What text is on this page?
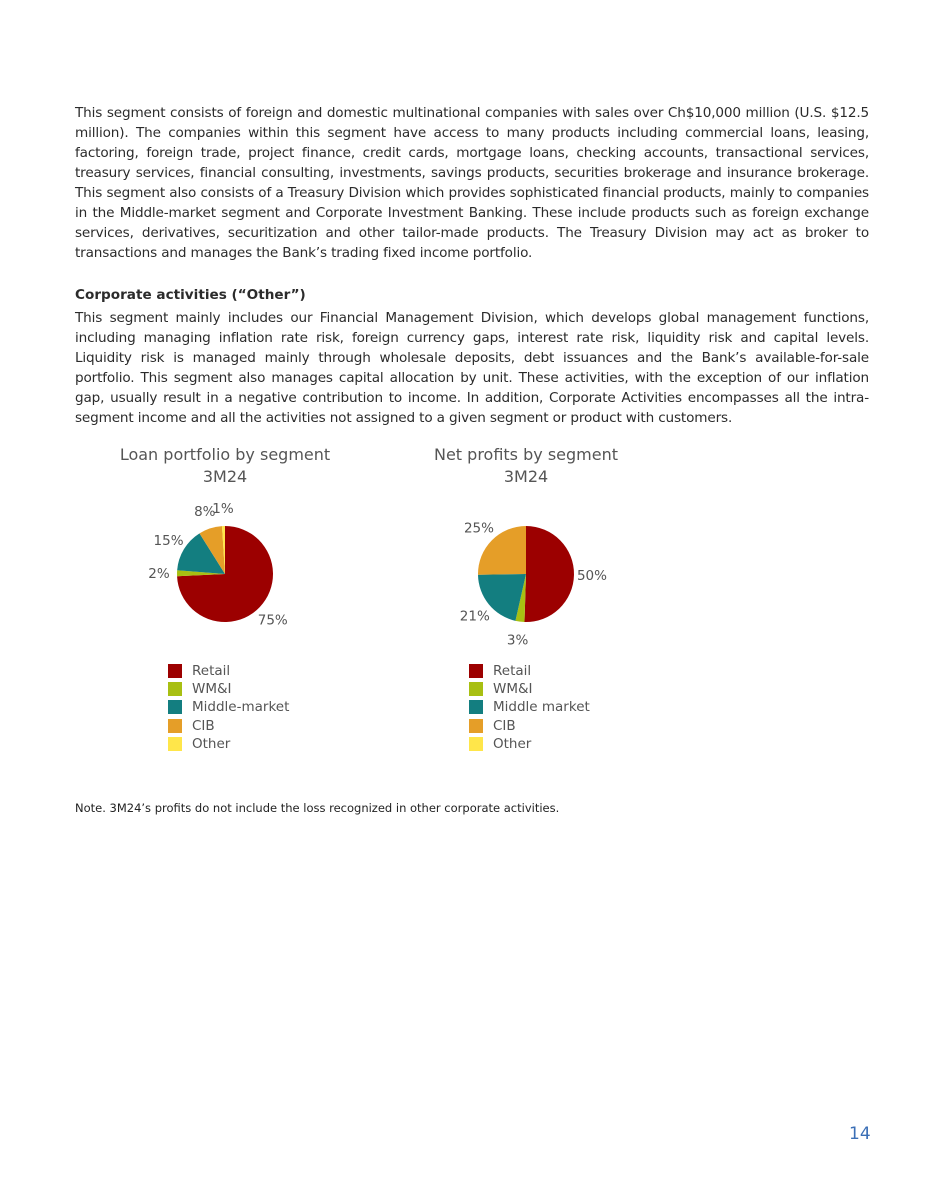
This segment consists of foreign and domestic multinational companies with sales over Ch$10,000 million (U.S. $12.5 million). The companies within this segment have access to many products including commercial loans, leasing, factoring, foreign trade, project finance, credit cards, mortgage loans, checking accounts, transactional services, treasury services, financial consulting, investments, savings products, securities brokerage and insurance brokerage. This segment also consists of a Treasury Division which provides sophisticated financial products, mainly to companies in the Middle-market segment and Corporate Investment Banking. These include products such as foreign exchange services, derivatives, securitization and other tailor-made products. The Treasury Division may act as broker to transactions and manages the Bank’s trading fixed income portfolio.
Corporate activities (“Other”)
This segment mainly includes our Financial Management Division, which develops global management functions, including managing inflation rate risk, foreign currency gaps, interest rate risk, liquidity risk and capital levels. Liquidity risk is managed mainly through wholesale deposits, debt issuances and the Bank’s available-for-sale portfolio. This segment also manages capital allocation by unit. These activities, with the exception of our inflation gap, usually result in a negative contribution to income. In addition, Corporate Activities encompasses all the intra-segment income and all the activities not assigned to a given segment or product with customers.
Loan portfolio by segment
3M24
75%
2%
15%
8%
1%
Retail
WM&I
Middle-market
CIB
Other
Net profits by segment
3M24
50%
3%
21%
25%
Retail
WM&I
Middle market
CIB
Other
Note. 3M24’s profits do not include the loss recognized in other corporate activities.
14
